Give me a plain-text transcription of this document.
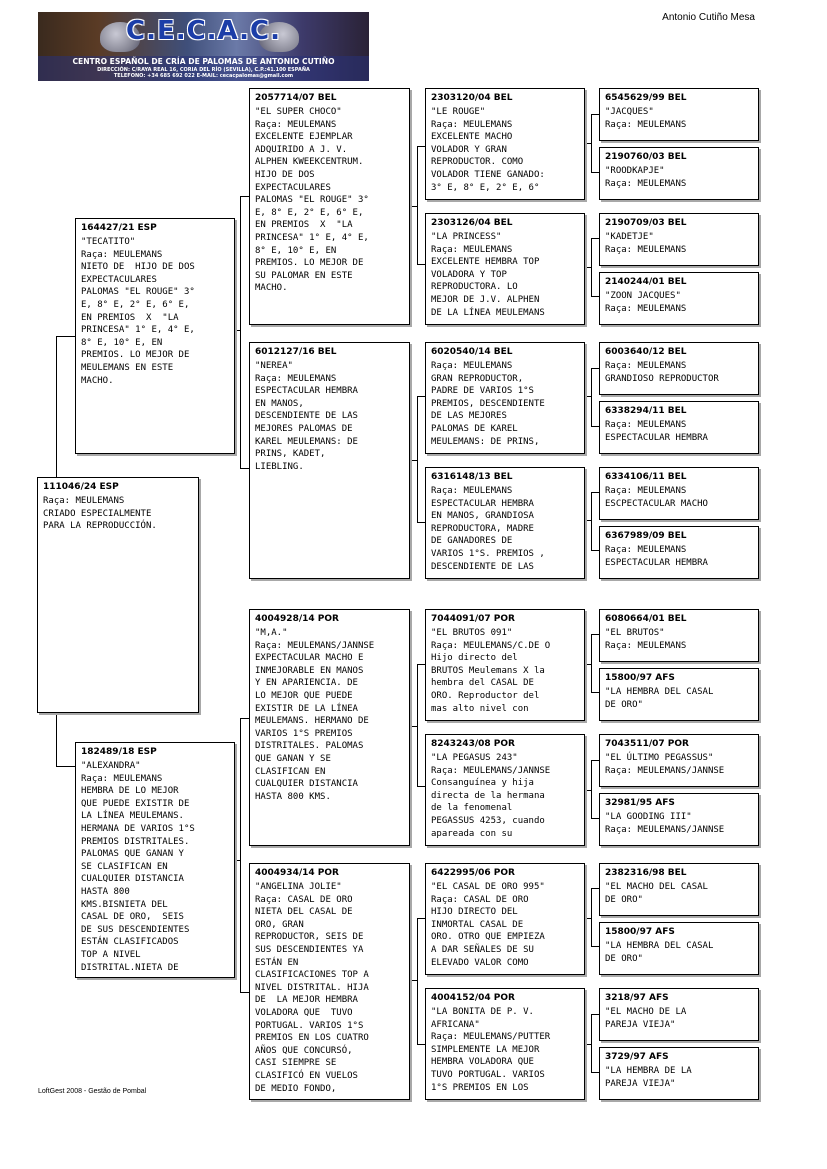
C.E.C.A.C.
CENTRO ESPAÑOL DE CRÍA DE PALOMAS DE ANTONIO CUTIÑO
DIRECCIÓN: C/RAYA REAL 16, CORIA DEL RÍO (SEVILLA), C.P.:41.100 ESPAÑA
TELEFONO: +34 685 692 022 E-MAIL: cecacpalomas@gmail.com
Antonio Cutiño Mesa
111046/24 ESP
Raça: MEULEMANS
CRIADO ESPECIALMENTE
PARA LA REPRODUCCIÓN.
164427/21 ESP
"TECATITO"
Raça: MEULEMANS
NIETO DE  HIJO DE DOS
EXPECTACULARES
PALOMAS "EL ROUGE" 3°
E, 8° E, 2° E, 6° E,
EN PREMIOS  X  "LA
PRINCESA" 1° E, 4° E,
8° E, 10° E, EN
PREMIOS. LO MEJOR DE
MEULEMANS EN ESTE
MACHO.
182489/18 ESP
"ALEXANDRA"
Raça: MEULEMANS
HEMBRA DE LO MEJOR
QUE PUEDE EXISTIR DE
LA LÍNEA MEULEMANS.
HERMANA DE VARIOS 1°S
PREMIOS DISTRITALES.
PALOMAS QUE GANAN Y
SE CLASIFICAN EN
CUALQUIER DISTANCIA
HASTA 800
KMS.BISNIETA DEL
CASAL DE ORO,  SEIS
DE SUS DESCENDIENTES
ESTÁN CLASIFICADOS
TOP A NIVEL
DISTRITAL.NIETA DE
2057714/07 BEL
"EL SUPER CHOCO"
Raça: MEULEMANS
EXCELENTE EJEMPLAR
ADQUIRIDO A J. V.
ALPHEN KWEEKCENTRUM.
HIJO DE DOS
EXPECTACULARES
PALOMAS "EL ROUGE" 3°
E, 8° E, 2° E, 6° E,
EN PREMIOS  X  "LA
PRINCESA" 1° E, 4° E,
8° E, 10° E, EN
PREMIOS. LO MEJOR DE
SU PALOMAR EN ESTE
MACHO.
6012127/16 BEL
"NEREA"
Raça: MEULEMANS
ESPECTACULAR HEMBRA
EN MANOS,
DESCENDIENTE DE LAS
MEJORES PALOMAS DE
KAREL MEULEMANS: DE
PRINS, KADET,
LIEBLING.
4004928/14 POR
"M,A."
Raça: MEULEMANS/JANNSE
EXPECTACULAR MACHO E
INMEJORABLE EN MANOS
Y EN APARIENCIA. DE
LO MEJOR QUE PUEDE
EXISTIR DE LA LÍNEA
MEULEMANS. HERMANO DE
VARIOS 1°S PREMIOS
DISTRITALES. PALOMAS
QUE GANAN Y SE
CLASIFICAN EN
CUALQUIER DISTANCIA
HASTA 800 KMS.
4004934/14 POR
"ANGELINA JOLIE"
Raça: CASAL DE ORO
NIETA DEL CASAL DE
ORO, GRAN
REPRODUCTOR, SEIS DE
SUS DESCENDIENTES YA
ESTÁN EN
CLASIFICACIONES TOP A
NIVEL DISTRITAL. HIJA
DE  LA MEJOR HEMBRA
VOLADORA QUE  TUVO
PORTUGAL. VARIOS 1°S
PREMIOS EN LOS CUATRO
AÑOS QUE CONCURSÓ,
CASI SIEMPRE SE
CLASIFICÓ EN VUELOS
DE MEDIO FONDO,
2303120/04 BEL
"LE ROUGE"
Raça: MEULEMANS
EXCELENTE MACHO
VOLADOR Y GRAN
REPRODUCTOR. COMO
VOLADOR TIENE GANADO:
3° E, 8° E, 2° E, 6°
2303126/04 BEL
"LA PRINCESS"
Raça: MEULEMANS
EXCELENTE HEMBRA TOP
VOLADORA Y TOP
REPRODUCTORA. LO
MEJOR DE J.V. ALPHEN
DE LA LÍNEA MEULEMANS
6020540/14 BEL
Raça: MEULEMANS
GRAN REPRODUCTOR,
PADRE DE VARIOS 1°S
PREMIOS, DESCENDIENTE
DE LAS MEJORES
PALOMAS DE KAREL
MEULEMANS: DE PRINS,
6316148/13 BEL
Raça: MEULEMANS
ESPECTACULAR HEMBRA
EN MANOS, GRANDIOSA
REPRODUCTORA, MADRE
DE GANADORES DE
VARIOS 1°S. PREMIOS ,
DESCENDIENTE DE LAS
7044091/07 POR
"EL BRUTOS 091"
Raça: MEULEMANS/C.DE O
Hijo directo del
BRUTOS Meulemans X la
hembra del CASAL DE
ORO. Reproductor del
mas alto nivel con
8243243/08 POR
"LA PEGASUS 243"
Raça: MEULEMANS/JANNSE
Consanguínea y hija
directa de la hermana
de la fenomenal
PEGASSUS 4253, cuando
apareada con su
6422995/06 POR
"EL CASAL DE ORO 995"
Raça: CASAL DE ORO
HIJO DIRECTO DEL
INMORTAL CASAL DE
ORO. OTRO QUE EMPIEZA
A DAR SEÑALES DE SU
ELEVADO VALOR COMO
4004152/04 POR
"LA BONITA DE P. V.
AFRICANA"
Raça: MEULEMANS/PUTTER
SIMPLEMENTE LA MEJOR
HEMBRA VOLADORA QUE
TUVO PORTUGAL. VARIOS
1°S PREMIOS EN LOS
6545629/99 BEL
"JACQUES"
Raça: MEULEMANS
2190760/03 BEL
"ROODKAPJE"
Raça: MEULEMANS
2190709/03 BEL
"KADETJE"
Raça: MEULEMANS
2140244/01 BEL
"ZOON JACQUES"
Raça: MEULEMANS
6003640/12 BEL
Raça: MEULEMANS
GRANDIOSO REPRODUCTOR
6338294/11 BEL
Raça: MEULEMANS
ESPECTACULAR HEMBRA
6334106/11 BEL
Raça: MEULEMANS
ESCPECTACULAR MACHO
6367989/09 BEL
Raça: MEULEMANS
ESPECTACULAR HEMBRA
6080664/01 BEL
"EL BRUTOS"
Raça: MEULEMANS
15800/97 AFS
"LA HEMBRA DEL CASAL
DE ORO"
7043511/07 POR
"EL ÚLTIMO PEGASSUS"
Raça: MEULEMANS/JANNSE
32981/95 AFS
"LA GOODING III"
Raça: MEULEMANS/JANNSE
2382316/98 BEL
"EL MACHO DEL CASAL
DE ORO"
15800/97 AFS
"LA HEMBRA DEL CASAL
DE ORO"
3218/97 AFS
"EL MACHO DE LA
PAREJA VIEJA"
3729/97 AFS
"LA HEMBRA DE LA
PAREJA VIEJA"
LoftGest 2008 - Gestão de Pombal
